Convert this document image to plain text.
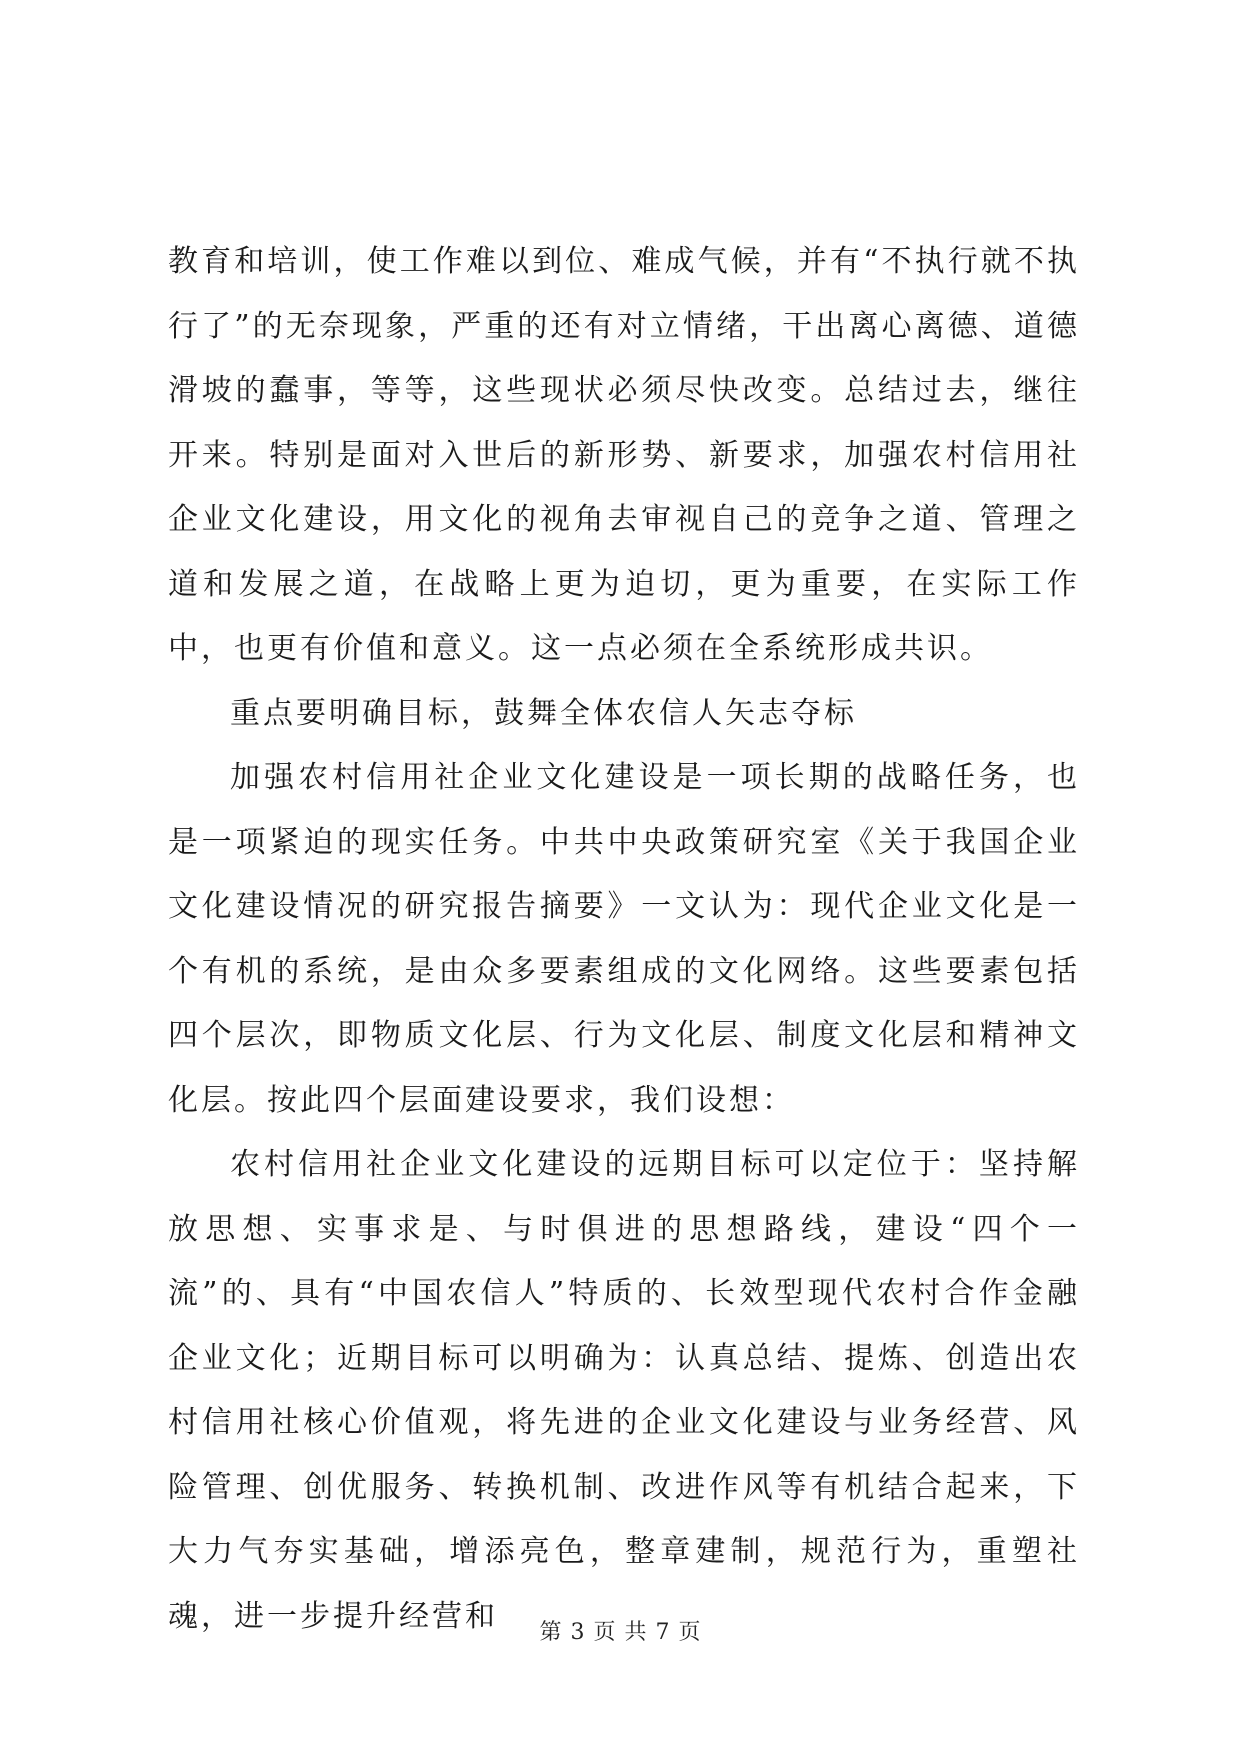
教育和培训，使工作难以到位、难成气候，并有“不执行就不执行了”的无奈现象，严重的还有对立情绪，干出离心离德、道德滑坡的蠢事，等等，这些现状必须尽快改变。总结过去，继往开来。特别是面对入世后的新形势、新要求，加强农村信用社企业文化建设，用文化的视角去审视自己的竞争之道、管理之道和发展之道，在战略上更为迫切，更为重要，在实际工作中，也更有价值和意义。这一点必须在全系统形成共识。

重点要明确目标，鼓舞全体农信人矢志夺标

加强农村信用社企业文化建设是一项长期的战略任务，也是一项紧迫的现实任务。中共中央政策研究室《关于我国企业文化建设情况的研究报告摘要》一文认为：现代企业文化是一个有机的系统，是由众多要素组成的文化网络。这些要素包括四个层次，即物质文化层、行为文化层、制度文化层和精神文化层。按此四个层面建设要求，我们设想：

农村信用社企业文化建设的远期目标可以定位于：坚持解放思想、实事求是、与时俱进的思想路线，建设“四个一流”的、具有“中国农信人”特质的、长效型现代农村合作金融企业文化；近期目标可以明确为：认真总结、提炼、创造出农村信用社核心价值观，将先进的企业文化建设与业务经营、风险管理、创优服务、转换机制、改进作风等有机结合起来，下大力气夯实基础，增添亮色，整章建制，规范行为，重塑社魂，进一步提升经营和	第 3 页 共 7 页
